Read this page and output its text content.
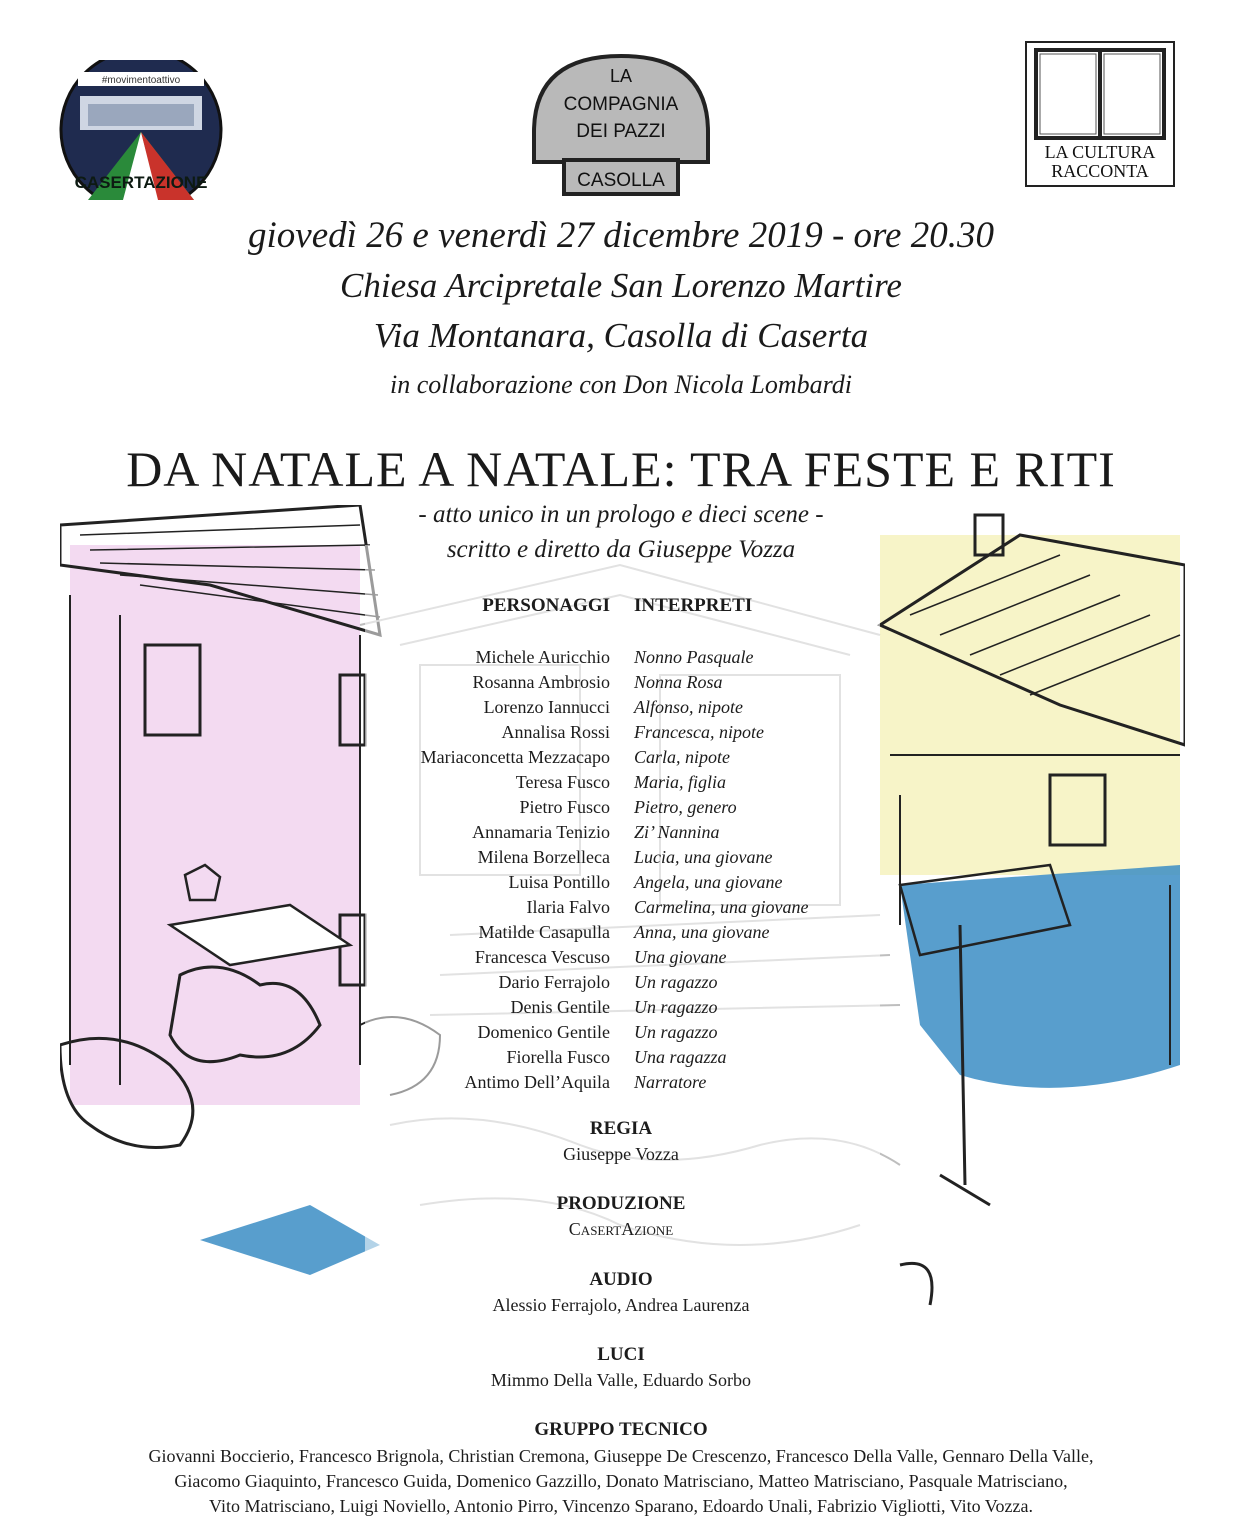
#movimentoattivo
CASERTAZIONE
LA
COMPAGNIA
DEI PAZZI
CASOLLA
LA CULTURA
RACCONTA
giovedì 26 e venerdì 27 dicembre 2019 - ore 20.30
Chiesa Arcipretale San Lorenzo Martire
Via Montanara, Casolla di Caserta
in collaborazione con Don Nicola Lombardi
DA NATALE A NATALE: TRA FESTE E RITI
- atto unico in un prologo e dieci scene -
scritto e diretto da Giuseppe Vozza
PERSONAGGI INTERPRETI
Michele Auricchio Nonno Pasquale
Rosanna Ambrosio Nonna Rosa
Lorenzo Iannucci Alfonso, nipote
Annalisa Rossi Francesca, nipote
Mariaconcetta Mezzacapo Carla, nipote
Teresa Fusco Maria, figlia
Pietro Fusco Pietro, genero
Annamaria Tenizio Zi’ Nannina
Milena Borzelleca Lucia, una giovane
Luisa Pontillo Angela, una giovane
Ilaria Falvo Carmelina, una giovane
Matilde Casapulla Anna, una giovane
Francesca Vescuso Una giovane
Dario Ferrajolo Un ragazzo
Denis Gentile Un ragazzo
Domenico Gentile Un ragazzo
Fiorella Fusco Una ragazza
Antimo Dell’Aquila Narratore
REGIA
Giuseppe Vozza
PRODUZIONE
CasertAzione
AUDIO
Alessio Ferrajolo, Andrea Laurenza
LUCI
Mimmo Della Valle, Eduardo Sorbo
GRUPPO TECNICO
Giovanni Boccierio, Francesco Brignola, Christian Cremona, Giuseppe De Crescenzo, Francesco Della Valle, Gennaro Della Valle,
Giacomo Giaquinto, Francesco Guida, Domenico Gazzillo, Donato Matrisciano, Matteo Matrisciano, Pasquale Matrisciano,
Vito Matrisciano, Luigi Noviello, Antonio Pirro, Vincenzo Sparano, Edoardo Unali, Fabrizio Vigliotti, Vito Vozza.
